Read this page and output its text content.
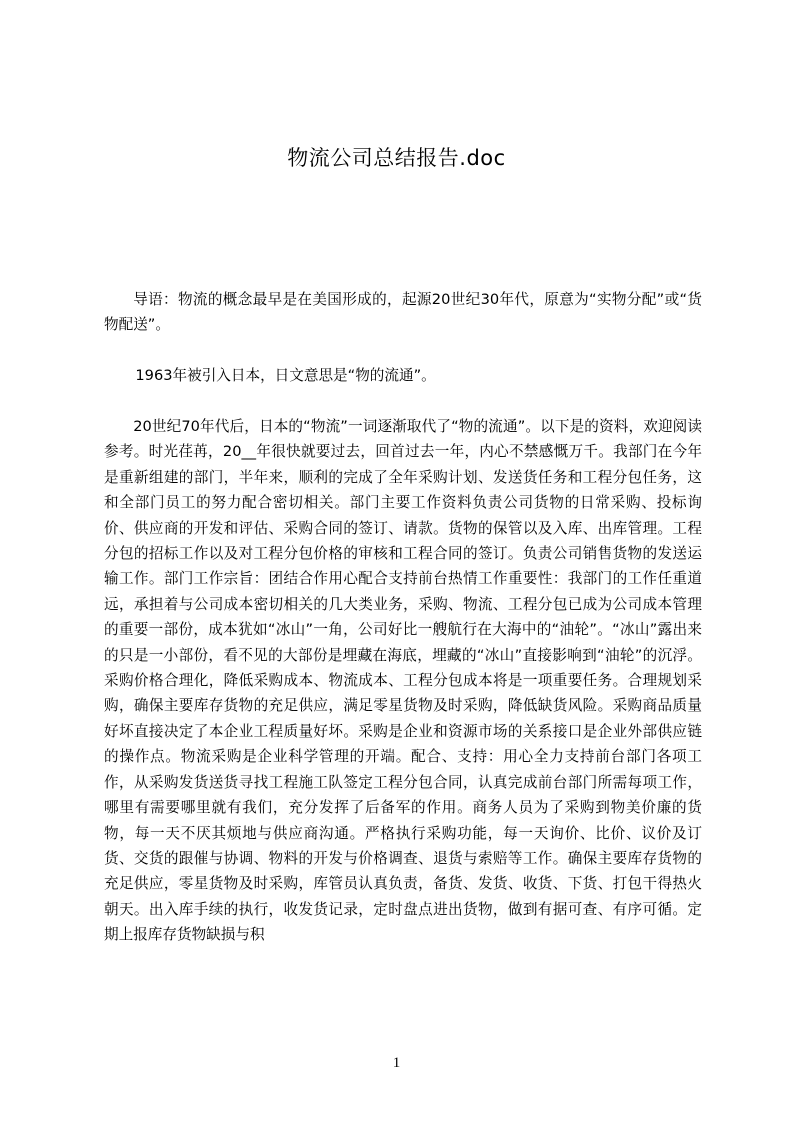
物流公司总结报告.doc

导语：物流的概念最早是在美国形成的，起源20世纪30年代，原意为“实物分配”或“货物配送”。

1963年被引入日本，日文意思是“物的流通”。

20世纪70年代后，日本的“物流”一词逐渐取代了“物的流通”。以下是的资料，欢迎阅读参考。时光荏苒，20__年很快就要过去，回首过去一年，内心不禁感慨万千。我部门在今年是重新组建的部门，半年来，顺利的完成了全年采购计划、发送货任务和工程分包任务，这和全部门员工的努力配合密切相关。部门主要工作资料负责公司货物的日常采购、投标询价、供应商的开发和评估、采购合同的签订、请款。货物的保管以及入库、出库管理。工程分包的招标工作以及对工程分包价格的审核和工程合同的签订。负责公司销售货物的发送运输工作。部门工作宗旨：团结合作用心配合支持前台热情工作重要性：我部门的工作任重道远，承担着与公司成本密切相关的几大类业务，采购、物流、工程分包已成为公司成本管理的重要一部份，成本犹如“冰山”一角，公司好比一艘航行在大海中的“油轮”。“冰山”露出来的只是一小部份，看不见的大部份是埋藏在海底，埋藏的“冰山”直接影响到“油轮”的沉浮。采购价格合理化，降低采购成本、物流成本、工程分包成本将是一项重要任务。合理规划采购，确保主要库存货物的充足供应，满足零星货物及时采购，降低缺货风险。采购商品质量好坏直接决定了本企业工程质量好坏。采购是企业和资源市场的关系接口是企业外部供应链的操作点。物流采购是企业科学管理的开端。配合、支持：用心全力支持前台部门各项工作，从采购发货送货寻找工程施工队签定工程分包合同，认真完成前台部门所需每项工作，哪里有需要哪里就有我们，充分发挥了后备军的作用。商务人员为了采购到物美价廉的货物，每一天不厌其烦地与供应商沟通。严格执行采购功能，每一天询价、比价、议价及订货、交货的跟催与协调、物料的开发与价格调查、退货与索赔等工作。确保主要库存货物的充足供应，零星货物及时采购，库管员认真负责，备货、发货、收货、下货、打包干得热火朝天。出入库手续的执行，收发货记录，定时盘点进出货物，做到有据可查、有序可循。定期上报库存货物缺损与积

1
